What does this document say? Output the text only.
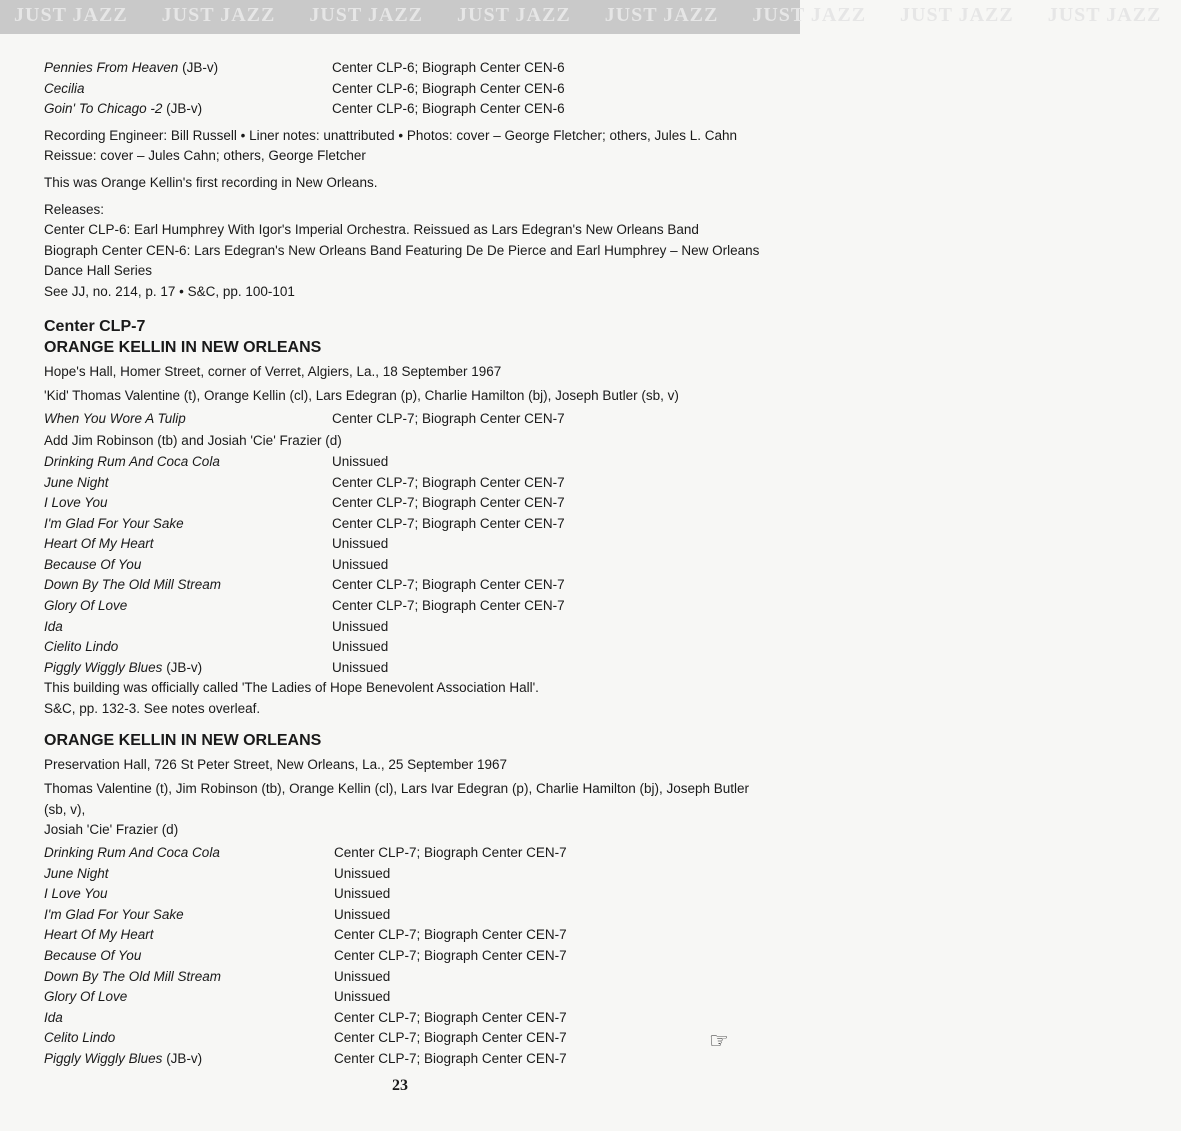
JUST JAZZ JUST JAZZ JUST JAZZ JUST JAZZ JUST JAZZ JUST JAZZ JUST JAZZ JUST JAZZ
Pennies From Heaven (JB-v)	Center CLP-6; Biograph Center CEN-6
Cecilia	Center CLP-6; Biograph Center CEN-6
Goin' To Chicago -2 (JB-v)	Center CLP-6; Biograph Center CEN-6
Recording Engineer: Bill Russell • Liner notes: unattributed • Photos: cover – George Fletcher; others, Jules L. Cahn
Reissue: cover – Jules Cahn; others, George Fletcher
This was Orange Kellin's first recording in New Orleans.
Releases:
Center CLP-6: Earl Humphrey With Igor's Imperial Orchestra. Reissued as Lars Edegran's New Orleans Band
Biograph Center CEN-6: Lars Edegran's New Orleans Band Featuring De De Pierce and Earl Humphrey – New Orleans Dance Hall Series
See JJ, no. 214, p. 17 • S&C, pp. 100-101
Center CLP-7
ORANGE KELLIN IN NEW ORLEANS
Hope's Hall, Homer Street, corner of Verret, Algiers, La., 18 September 1967
'Kid' Thomas Valentine (t), Orange Kellin (cl), Lars Edegran (p), Charlie Hamilton (bj), Joseph Butler (sb, v)
When You Wore A Tulip	Center CLP-7; Biograph Center CEN-7
Add Jim Robinson (tb) and Josiah 'Cie' Frazier (d)
Drinking Rum And Coca Cola	Unissued
June Night	Center CLP-7; Biograph Center CEN-7
I Love You	Center CLP-7; Biograph Center CEN-7
I'm Glad For Your Sake	Center CLP-7; Biograph Center CEN-7
Heart Of My Heart	Unissued
Because Of You	Unissued
Down By The Old Mill Stream	Center CLP-7; Biograph Center CEN-7
Glory Of Love	Center CLP-7; Biograph Center CEN-7
Ida	Unissued
Cielito Lindo	Unissued
Piggly Wiggly Blues (JB-v)	Unissued
This building was officially called 'The Ladies of Hope Benevolent Association Hall'.
S&C, pp. 132-3. See notes overleaf.
ORANGE KELLIN IN NEW ORLEANS
Preservation Hall, 726 St Peter Street, New Orleans, La., 25 September 1967
Thomas Valentine (t), Jim Robinson (tb), Orange Kellin (cl), Lars Ivar Edegran (p), Charlie Hamilton (bj), Joseph Butler (sb, v),
Josiah 'Cie' Frazier (d)
Drinking Rum And Coca Cola	Center CLP-7; Biograph Center CEN-7
June Night	Unissued
I Love You	Unissued
I'm Glad For Your Sake	Unissued
Heart Of My Heart	Center CLP-7; Biograph Center CEN-7
Because Of You	Center CLP-7; Biograph Center CEN-7
Down By The Old Mill Stream	Unissued
Glory Of Love	Unissued
Ida	Center CLP-7; Biograph Center CEN-7
Celito Lindo	Center CLP-7; Biograph Center CEN-7
Piggly Wiggly Blues (JB-v)	Center CLP-7; Biograph Center CEN-7
☞
23
